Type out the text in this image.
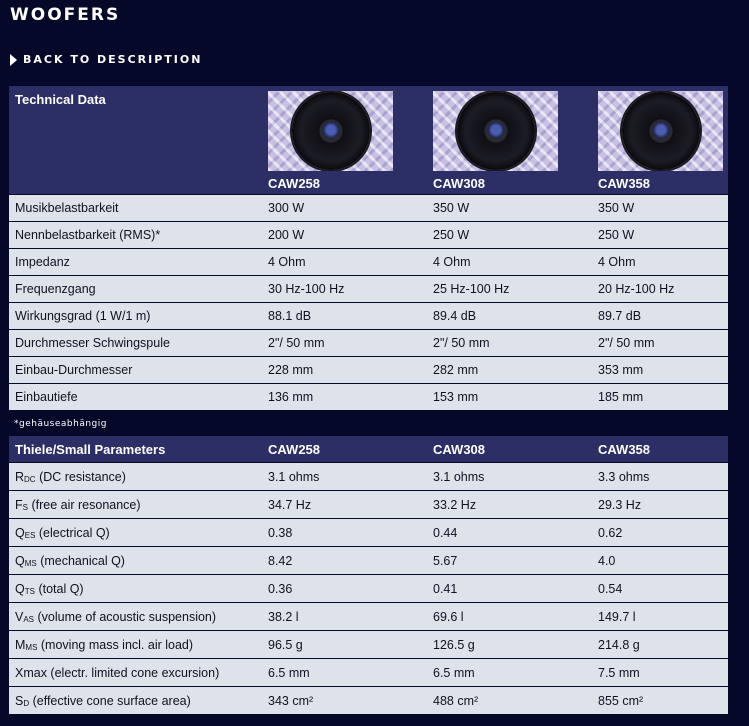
WOOFERS
BACK TO DESCRIPTION
Technical Data	CAW258	CAW308	CAW358

Musikbelastbarkeit	300 W	350 W	350 W
Nennbelastbarkeit (RMS)*	200 W	250 W	250 W
Impedanz	4 Ohm	4 Ohm	4 Ohm
Frequenzgang	30 Hz-100 Hz	25 Hz-100 Hz	20 Hz-100 Hz
Wirkungsgrad (1 W/1 m)	88.1 dB	89.4 dB	89.7 dB
Durchmesser Schwingspule	2"/ 50 mm	2"/ 50 mm	2"/ 50 mm
Einbau-Durchmesser	228 mm	282 mm	353 mm
Einbautiefe	136 mm	153 mm	185 mm
*gehäuseabhängig
Thiele/Small Parameters	CAW258	CAW308	CAW358
$R_{DC}$ (DC resistance)	3.1 ohms	3.1 ohms	3.3 ohms
$F_S$ (free air resonance)	34.7 Hz	33.2 Hz	29.3 Hz
$Q_{ES}$ (electrical Q)	0.38	0.44	0.62
$Q_{MS}$ (mechanical Q)	8.42	5.67	4.0
$Q_{TS}$ (total Q)	0.36	0.41	0.54
$V_{AS}$ (volume of acoustic suspension)	38.2 l	69.6 l	149.7 l
$M_{MS}$ (moving mass incl. air load)	96.5 g	126.5 g	214.8 g
Xmax (electr. limited cone excursion)	6.5 mm	6.5 mm	7.5 mm
$S_D$ (effective cone surface area)	343 cm²	488 cm²	855 cm²
